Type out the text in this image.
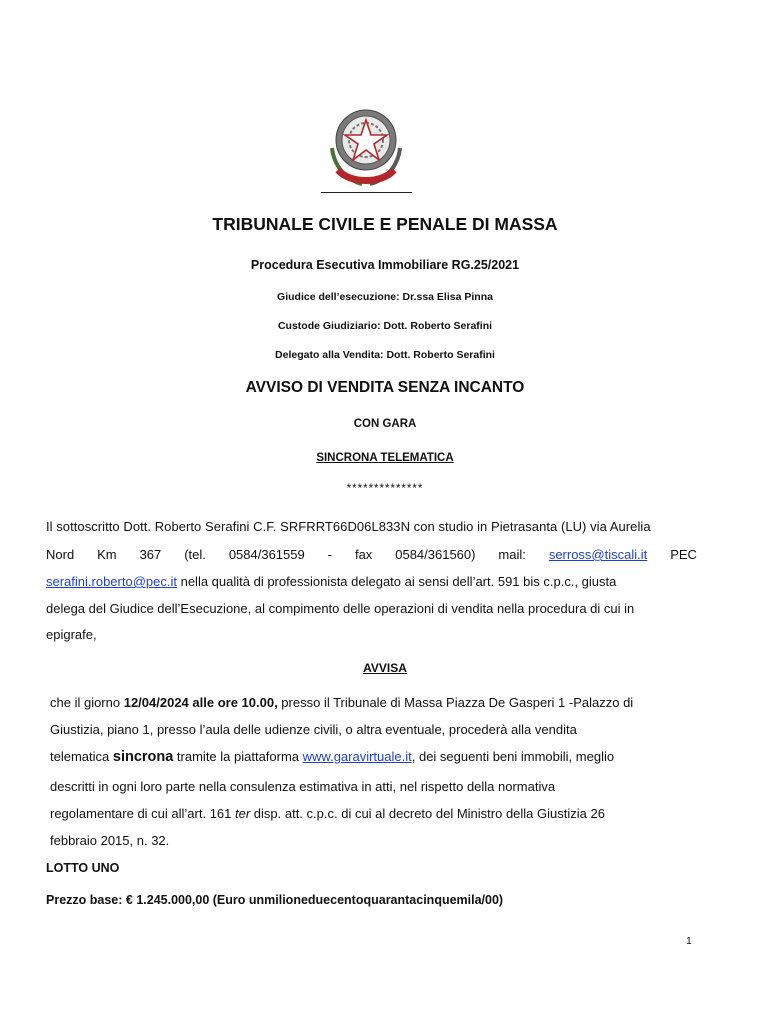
TRIBUNALE CIVILE E PENALE DI MASSA
Procedura Esecutiva Immobiliare RG.25/2021
Giudice dell’esecuzione: Dr.ssa Elisa Pinna
Custode Giudiziario: Dott. Roberto Serafini
Delegato alla Vendita: Dott. Roberto Serafini
AVVISO DI VENDITA SENZA INCANTO
CON GARA
SINCRONA TELEMATICA
**************
Il sottoscritto Dott. Roberto Serafini C.F. SRFRRT66D06L833N con studio in Pietrasanta (LU) via Aurelia
Nord Km 367 (tel. 0584/361559 - fax 0584/361560) mail: serross@tiscali.it PEC
serafini.roberto@pec.it nella qualità di professionista delegato ai sensi dell’art. 591 bis c.p.c., giusta
delega del Giudice dell’Esecuzione, al compimento delle operazioni di vendita nella procedura di cui in
epigrafe,
AVVISA
che il giorno 12/04/2024 alle ore 10.00, presso il Tribunale di Massa Piazza De Gasperi 1 -Palazzo di
Giustizia, piano 1, presso l’aula delle udienze civili, o altra eventuale, procederà alla vendita
telematica sincrona tramite la piattaforma www.garavirtuale.it, dei seguenti beni immobili, meglio
descritti in ogni loro parte nella consulenza estimativa in atti, nel rispetto della normativa
regolamentare di cui all’art. 161 ter disp. att. c.p.c. di cui al decreto del Ministro della Giustizia 26
febbraio 2015, n. 32.
LOTTO UNO
Prezzo base: € 1.245.000,00 (Euro unmilioneduecentoquarantacinquemila/00)
1
